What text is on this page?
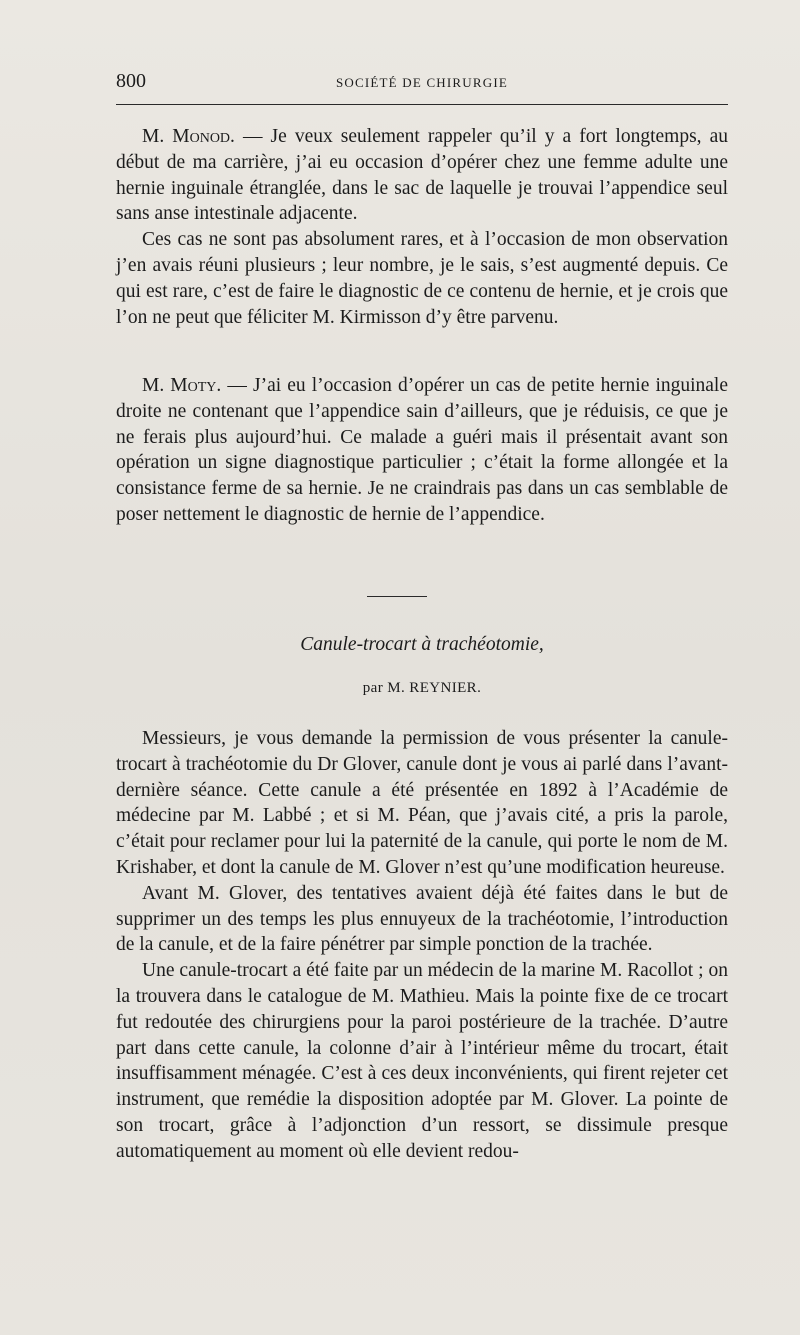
800	SOCIÉTÉ DE CHIRURGIE

M. Monod. — Je veux seulement rappeler qu’il y a fort longtemps, au début de ma carrière, j’ai eu occasion d’opérer chez une femme adulte une hernie inguinale étranglée, dans le sac de laquelle je trouvai l’appendice seul sans anse intestinale adjacente.

Ces cas ne sont pas absolument rares, et à l’occasion de mon observation j’en avais réuni plusieurs ; leur nombre, je le sais, s’est augmenté depuis. Ce qui est rare, c’est de faire le diagnostic de ce contenu de hernie, et je crois que l’on ne peut que féliciter M. Kirmisson d’y être parvenu.

M. Moty. — J’ai eu l’occasion d’opérer un cas de petite hernie inguinale droite ne contenant que l’appendice sain d’ailleurs, que je réduisis, ce que je ne ferais plus aujourd’hui. Ce malade a guéri mais il présentait avant son opération un signe diagnostique particulier ; c’était la forme allongée et la consistance ferme de sa hernie. Je ne craindrais pas dans un cas semblable de poser nettement le diagnostic de hernie de l’appendice.

Canule-trocart à trachéotomie,
par M. REYNIER.

Messieurs, je vous demande la permission de vous présenter la canule-trocart à trachéotomie du Dr Glover, canule dont je vous ai parlé dans l’avant-dernière séance. Cette canule a été présentée en 1892 à l’Académie de médecine par M. Labbé ; et si M. Péan, que j’avais cité, a pris la parole, c’était pour reclamer pour lui la paternité de la canule, qui porte le nom de M. Krishaber, et dont la canule de M. Glover n’est qu’une modification heureuse.

Avant M. Glover, des tentatives avaient déjà été faites dans le but de supprimer un des temps les plus ennuyeux de la trachéotomie, l’introduction de la canule, et de la faire pénétrer par simple ponction de la trachée.

Une canule-trocart a été faite par un médecin de la marine M. Racollot ; on la trouvera dans le catalogue de M. Mathieu. Mais la pointe fixe de ce trocart fut redoutée des chirurgiens pour la paroi postérieure de la trachée. D’autre part dans cette canule, la colonne d’air à l’intérieur même du trocart, était insuffisamment ménagée. C’est à ces deux inconvénients, qui firent rejeter cet instrument, que remédie la disposition adoptée par M. Glover. La pointe de son trocart, grâce à l’adjonction d’un ressort, se dissimule presque automatiquement au moment où elle devient redou-
